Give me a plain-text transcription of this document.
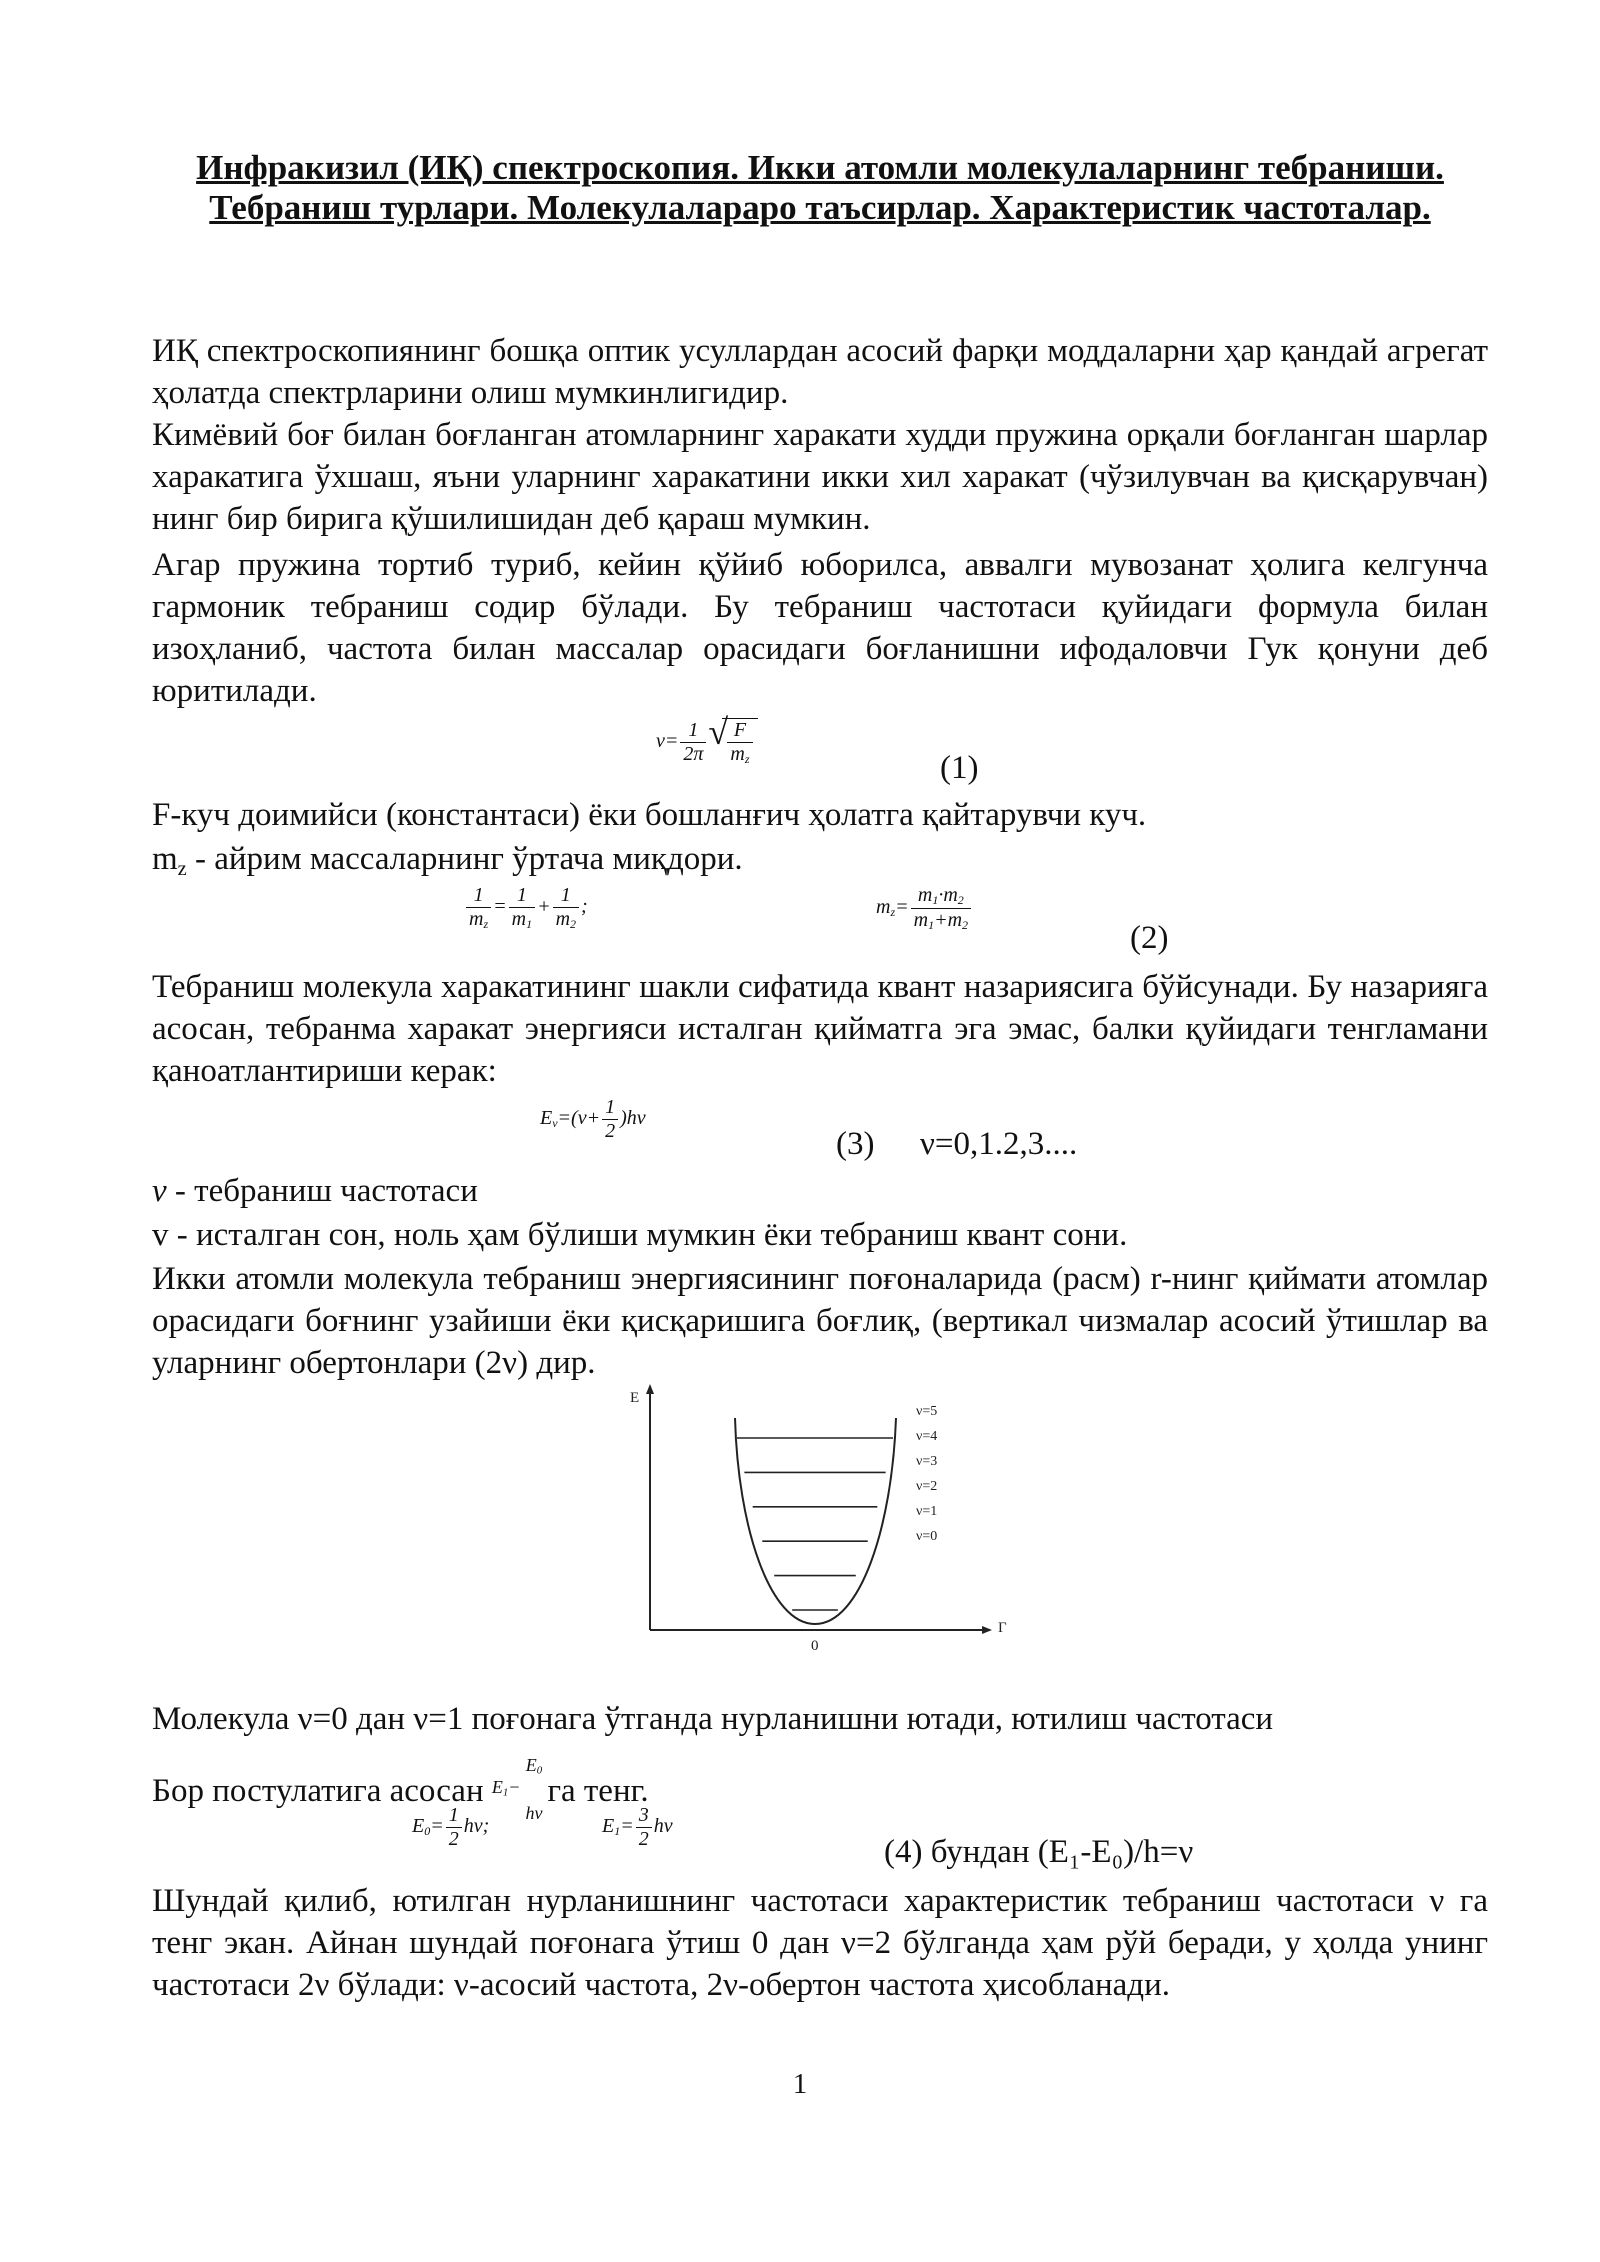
Инфракизил (ИҚ) спектроскопия. Икки атомли молекулаларнинг тебраниши. Тебраниш турлари. Молекулалараро таъсирлар. Характеристик частоталар.
ИҚ спектроскопиянинг бошқа оптик усуллардан асосий фарқи моддаларни ҳар қандай агрегат ҳолатда спектрларини олиш мумкинлигидир.
Кимёвий боғ билан боғланган атомларнинг харакати худди пружина орқали боғланган шарлар харакатига ўхшаш, яъни уларнинг харакатини икки хил харакат (чўзилувчан ва қисқарувчан) нинг бир бирига қўшилишидан деб қараш мумкин.
Агар пружина тортиб туриб, кейин қўйиб юборилса, аввалги мувозанат ҳолига келгунча гармоник тебраниш содир бўлади. Бу тебраниш частотаси қуйидаги формула билан изоҳланиб, частота билан массалар орасидаги боғланишни ифодаловчи Гук қонуни деб юритилади.
$\nu= \frac{1}{2\pi}$ √ $\frac{F}{mz}$
(1)
F-куч доимийси (константаси) ёки бошланғич ҳолатга қайтарувчи куч.
$m_z$ - айрим массаларнинг ўртача миқдори.
$\frac{1}{mz} = \frac{1}{m1} + \frac{1}{m2}$ ;	$mz= \frac{m1\cdot m2}{m1+m2}$
(2)
Тебраниш молекула харакатининг шакли сифатида квант назариясига бўйсунади. Бу назарияга асосан, тебранма харакат энергияси исталган қийматга эга эмас, балки қуйидаги тенгламани қаноатлантириши керак:
$Ev=(v+ \frac{1}{2} )h\nu$
(3) ν=0,1.2,3....
ν - тебраниш частотаси
v - исталган сон, ноль ҳам бўлиши мумкин ёки тебраниш квант сони.
Икки атомли молекула тебраниш энергиясининг поғоналарида (расм) r-нинг қиймати атомлар орасидаги боғнинг узайиши ёки қисқаришига боғлиқ, (вертикал чизмалар асосий ўтишлар ва уларнинг обертонлари (2ν) дир.
E
Г
0
ν=5
ν=4
ν=3
ν=2
ν=1
ν=0
Молекула ν=0 дан ν=1 поғонага ўтганда нурланишни ютади, ютилиш частотаси
Бор постулатига асосан $^{E1- E0 h\nu}$
га тенг.
$E0= \frac{1}{2} h\nu$;	$E1= \frac{3}{2}$ hν
(4) бундан (E₁-E₀)/h=ν
Шундай қилиб, ютилган нурланишнинг частотаси характеристик тебраниш частотаси ν га тенг экан. Айнан шундай поғонага ўтиш 0 дан ν=2 бўлганда ҳам рўй беради, у ҳолда унинг частотаси 2ν бўлади: ν-асосий частота, 2ν-обертон частота ҳисобланади.
1
